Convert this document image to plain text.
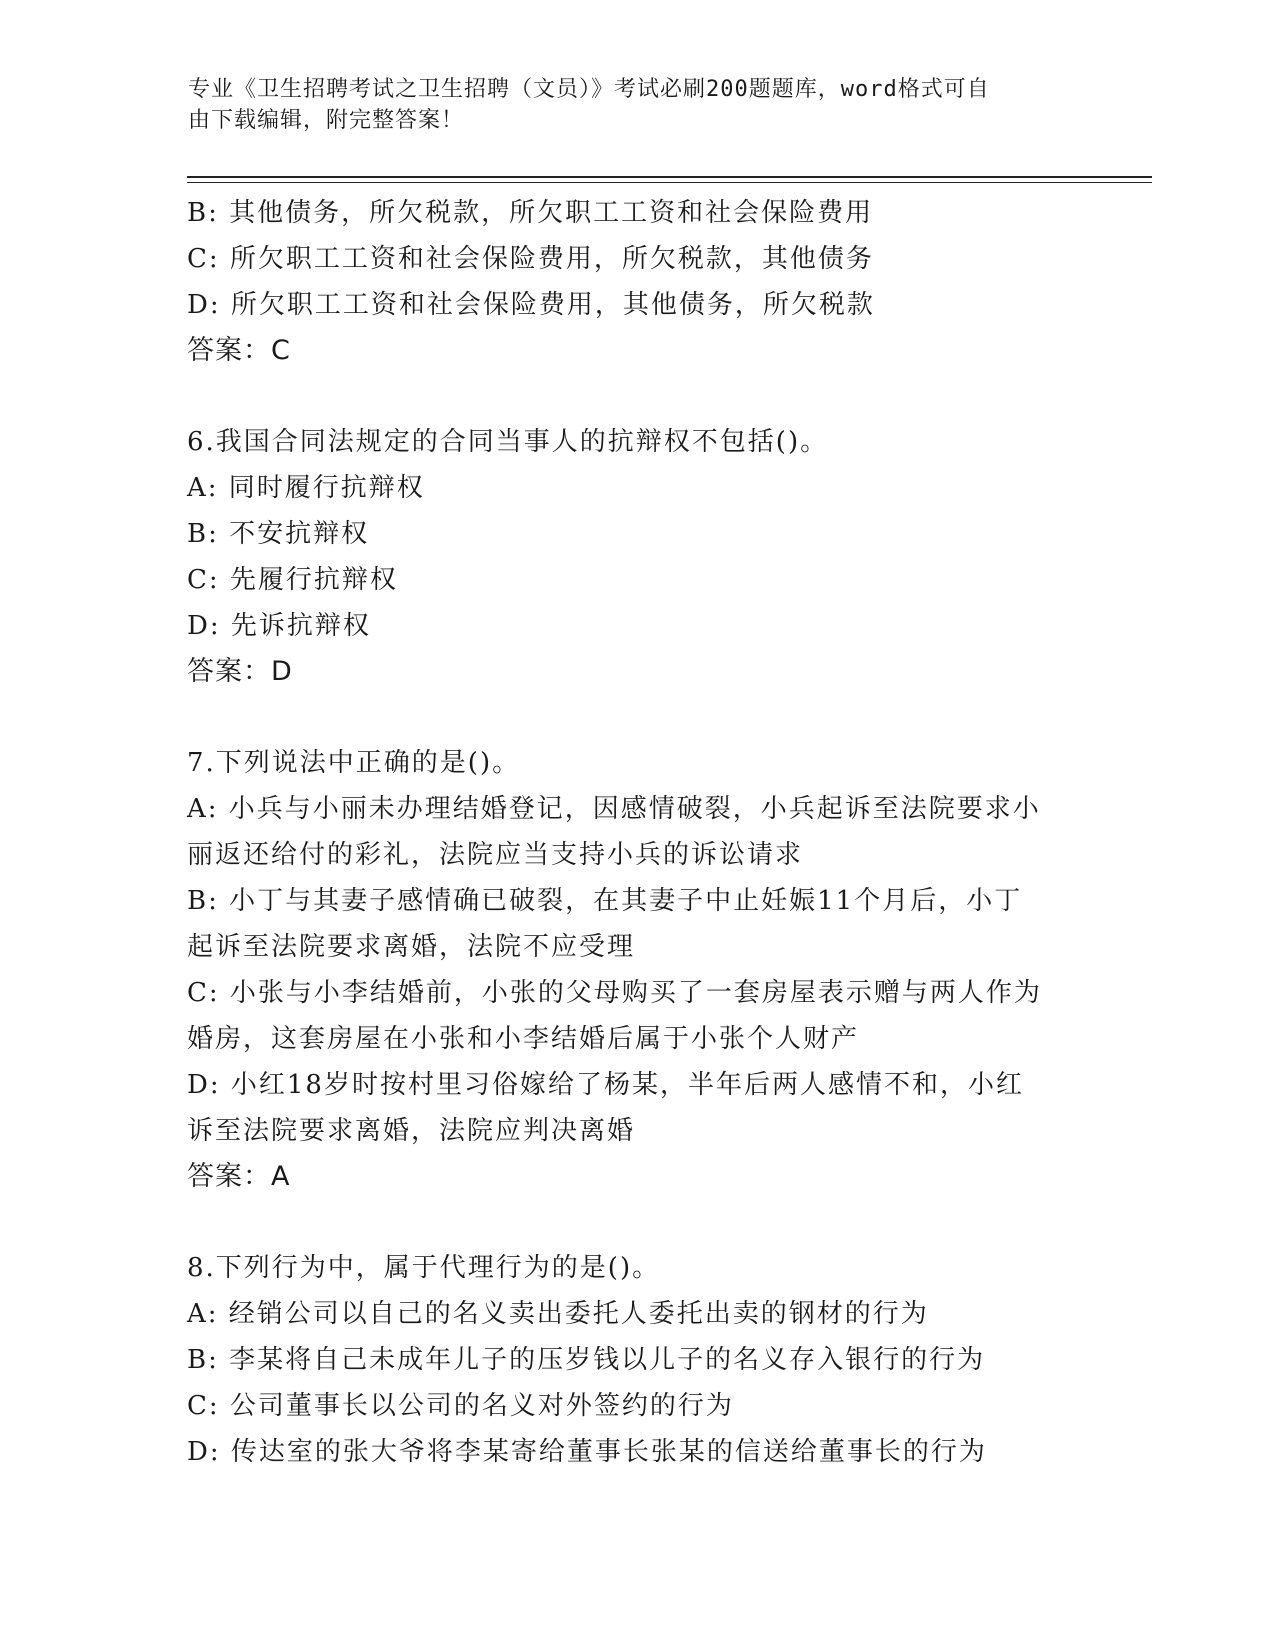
专业《卫生招聘考试之卫生招聘（文员）》考试必刷200题题库，word格式可自
由下载编辑，附完整答案！
B: 其他债务，所欠税款，所欠职工工资和社会保险费用
C: 所欠职工工资和社会保险费用，所欠税款，其他债务
D: 所欠职工工资和社会保险费用，其他债务，所欠税款
答案：C
6.我国合同法规定的合同当事人的抗辩权不包括()。
A: 同时履行抗辩权
B: 不安抗辩权
C: 先履行抗辩权
D: 先诉抗辩权
答案：D
7.下列说法中正确的是()。
A: 小兵与小丽未办理结婚登记，因感情破裂，小兵起诉至法院要求小
丽返还给付的彩礼，法院应当支持小兵的诉讼请求
B: 小丁与其妻子感情确已破裂，在其妻子中止妊娠11个月后，小丁
起诉至法院要求离婚，法院不应受理
C: 小张与小李结婚前，小张的父母购买了一套房屋表示赠与两人作为
婚房，这套房屋在小张和小李结婚后属于小张个人财产
D: 小红18岁时按村里习俗嫁给了杨某，半年后两人感情不和，小红
诉至法院要求离婚，法院应判决离婚
答案：A
8.下列行为中，属于代理行为的是()。
A: 经销公司以自己的名义卖出委托人委托出卖的钢材的行为
B: 李某将自己未成年儿子的压岁钱以儿子的名义存入银行的行为
C: 公司董事长以公司的名义对外签约的行为
D: 传达室的张大爷将李某寄给董事长张某的信送给董事长的行为
